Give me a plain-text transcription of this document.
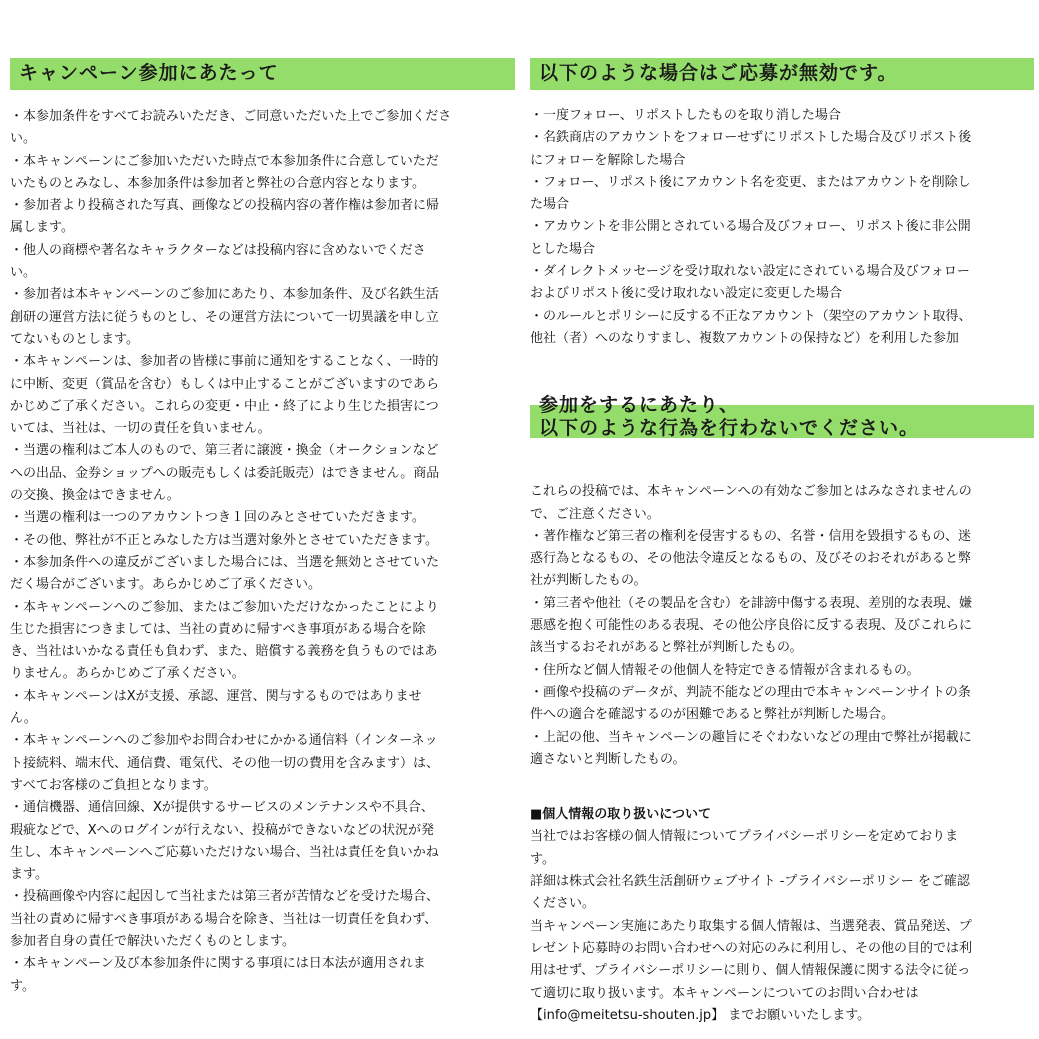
キャンペーン参加にあたって

・本参加条件をすべてお読みいただき、ご同意いただいた上でご参加くださ

い。

・本キャンペーンにご参加いただいた時点で本参加条件に合意していただ

いたものとみなし、本参加条件は参加者と弊社の合意内容となります。

・参加者より投稿された写真、画像などの投稿内容の著作権は参加者に帰

属します。

・他人の商標や著名なキャラクターなどは投稿内容に含めないでくださ

い。

・参加者は本キャンペーンのご参加にあたり、本参加条件、及び名鉄生活

創研の運営方法に従うものとし、その運営方法について一切異議を申し立

てないものとします。

・本キャンペーンは、参加者の皆様に事前に通知をすることなく、一時的

に中断、変更（賞品を含む）もしくは中止することがございますのであら

かじめご了承ください。これらの変更・中止・終了により生じた損害につ

いては、当社は、一切の責任を負いません。

・当選の権利はご本人のもので、第三者に譲渡・換金（オークションなど

への出品、金券ショップへの販売もしくは委託販売）はできません。商品

の交換、換金はできません。

・当選の権利は一つのアカウントつき１回のみとさせていただきます。

・その他、弊社が不正とみなした方は当選対象外とさせていただきます。

・本参加条件への違反がございました場合には、当選を無効とさせていた

だく場合がございます。あらかじめご了承ください。

・本キャンペーンへのご参加、またはご参加いただけなかったことにより

生じた損害につきましては、当社の責めに帰すべき事項がある場合を除

き、当社はいかなる責任も負わず、また、賠償する義務を負うものではあ

りません。あらかじめご了承ください。

・本キャンペーンはXが支援、承認、運営、関与するものではありませ

ん。

・本キャンペーンへのご参加やお問合わせにかかる通信料（インターネッ

ト接続料、端末代、通信費、電気代、その他一切の費用を含みます）は、

すべてお客様のご負担となります。

・通信機器、通信回線、Xが提供するサービスのメンテナンスや不具合、

瑕疵などで、Xへのログインが行えない、投稿ができないなどの状況が発

生し、本キャンペーンへご応募いただけない場合、当社は責任を負いかね

ます。

・投稿画像や内容に起因して当社または第三者が苦情などを受けた場合、

当社の責めに帰すべき事項がある場合を除き、当社は一切責任を負わず、

参加者自身の責任で解決いただくものとします。

・本キャンペーン及び本参加条件に関する事項には日本法が適用されま

す。

以下のような場合はご応募が無効です。

・一度フォロー、リポストしたものを取り消した場合

・名鉄商店のアカウントをフォローせずにリポストした場合及びリポスト後

にフォローを解除した場合

・フォロー、リポスト後にアカウント名を変更、またはアカウントを削除し

た場合

・アカウントを非公開とされている場合及びフォロー、リポスト後に非公開

とした場合

・ダイレクトメッセージを受け取れない設定にされている場合及びフォロー

およびリポスト後に受け取れない設定に変更した場合

・のルールとポリシーに反する不正なアカウント（架空のアカウント取得、

他社（者）へのなりすまし、複数アカウントの保持など）を利用した参加

参加をするにあたり、
以下のような行為を行わないでください。

これらの投稿では、本キャンペーンへの有効なご参加とはみなされませんの

で、ご注意ください。

・著作権など第三者の権利を侵害するもの、名誉・信用を毀損するもの、迷

惑行為となるもの、その他法令違反となるもの、及びそのおそれがあると弊

社が判断したもの。

・第三者や他社（その製品を含む）を誹謗中傷する表現、差別的な表現、嫌

悪感を抱く可能性のある表現、その他公序良俗に反する表現、及びこれらに

該当するおそれがあると弊社が判断したもの。

・住所など個人情報その他個人を特定できる情報が含まれるもの。

・画像や投稿のデータが、判読不能などの理由で本キャンペーンサイトの条

件への適合を確認するのが困難であると弊社が判断した場合。

・上記の他、当キャンペーンの趣旨にそぐわないなどの理由で弊社が掲載に

適さないと判断したもの。

■個人情報の取り扱いについて

当社ではお客様の個人情報についてプライバシーポリシーを定めておりま

す。

詳細は株式会社名鉄生活創研ウェブサイト -プライバシーポリシー をご確認

ください。

当キャンペーン実施にあたり取集する個人情報は、当選発表、賞品発送、プ

レゼント応募時のお問い合わせへの対応のみに利用し、その他の目的では利

用はせず、プライバシーポリシーに則り、個人情報保護に関する法令に従っ

て適切に取り扱います。本キャンペーンについてのお問い合わせは

【info@meitetsu-shouten.jp】 までお願いいたします。
